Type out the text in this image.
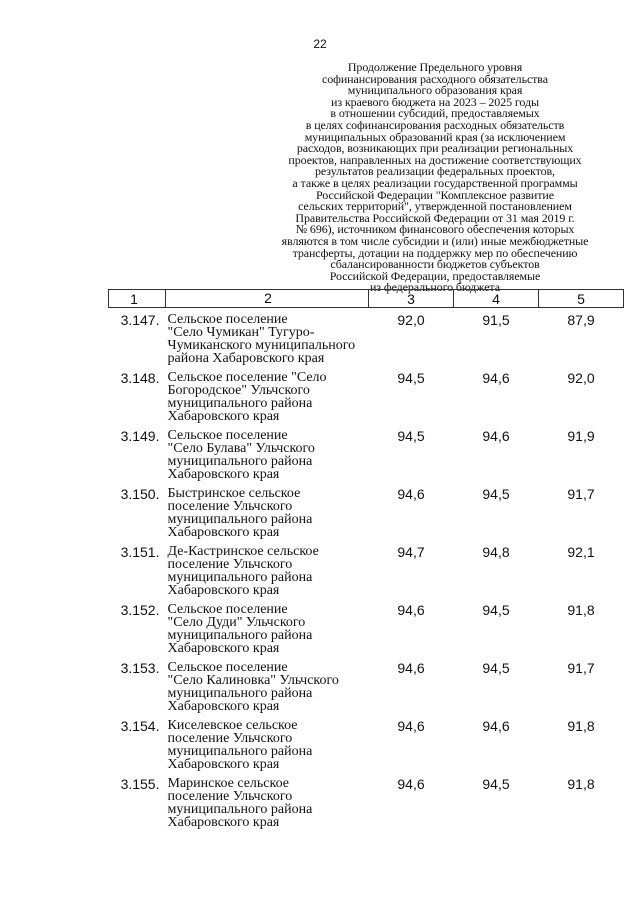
22
Продолжение Предельного уровня
софинансирования расходного обязательства
муниципального образования края
из краевого бюджета на 2023 – 2025 годы
в отношении субсидий, предоставляемых
в целях софинансирования расходных обязательств
муниципальных образований края (за исключением
расходов, возникающих при реализации региональных
проектов, направленных на достижение соответствующих
результатов реализации федеральных проектов,
а также в целях реализации государственной программы
Российской Федерации "Комплексное развитие
сельских территорий", утвержденной постановлением
Правительства Российской Федерации от 31 мая 2019 г.
№ 696), источником финансового обеспечения которых
являются в том числе субсидии и (или) иные межбюджетные
трансферты, дотации на поддержку мер по обеспечению
сбалансированности бюджетов субъектов
Российской Федерации, предоставляемые
из федерального бюджета
1	2	3	4	5
3.147.	Сельское поселение
"Село Чумикан" Тугуро-
Чумиканского муниципального
района Хабаровского края	92,0	91,5	87,9
3.148.	Сельское поселение "Село
Богородское" Ульчского
муниципального района
Хабаровского края	94,5	94,6	92,0
3.149.	Сельское поселение
"Село Булава" Ульчского
муниципального района
Хабаровского края	94,5	94,6	91,9
3.150.	Быстринское сельское
поселение Ульчского
муниципального района
Хабаровского края	94,6	94,5	91,7
3.151.	Де-Кастринское сельское
поселение Ульчского
муниципального района
Хабаровского края	94,7	94,8	92,1
3.152.	Сельское поселение
"Село Дуди" Ульчского
муниципального района
Хабаровского края	94,6	94,5	91,8
3.153.	Сельское поселение
"Село Калиновка" Ульчского
муниципального района
Хабаровского края	94,6	94,5	91,7
3.154.	Киселевское сельское
поселение Ульчского
муниципального района
Хабаровского края	94,6	94,6	91,8
3.155.	Маринское сельское
поселение Ульчского
муниципального района
Хабаровского края	94,6	94,5	91,8
